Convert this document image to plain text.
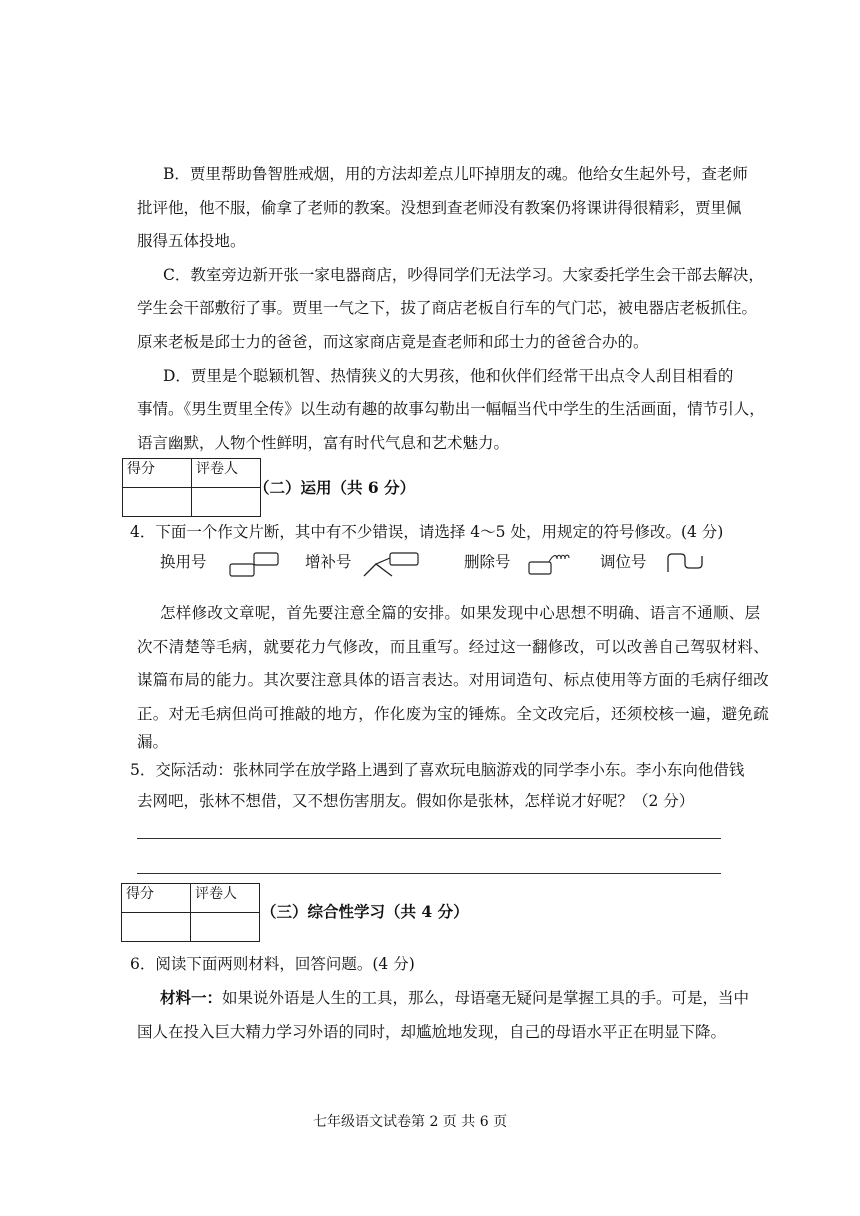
B．贾里帮助鲁智胜戒烟，用的方法却差点儿吓掉朋友的魂。他给女生起外号，查老师
批评他，他不服，偷拿了老师的教案。没想到查老师没有教案仍将课讲得很精彩，贾里佩
服得五体投地。
C．教室旁边新开张一家电器商店，吵得同学们无法学习。大家委托学生会干部去解决，
学生会干部敷衍了事。贾里一气之下，拔了商店老板自行车的气门芯，被电器店老板抓住。
原来老板是邱士力的爸爸，而这家商店竟是查老师和邱士力的爸爸合办的。
D．贾里是个聪颖机智、热情狭义的大男孩，他和伙伴们经常干出点令人刮目相看的
事情。《男生贾里全传》以生动有趣的故事勾勒出一幅幅当代中学生的生活画面，情节引人，
语言幽默，人物个性鲜明，富有时代气息和艺术魅力。
得分	评卷人

（二）运用（共 6 分）
4．下面一个作文片断，其中有不少错误，请选择 4～5 处，用规定的符号修改。(4 分)
换用号	增补号	删除号	调位号
怎样修改文章呢，首先要注意全篇的安排。如果发现中心思想不明确、语言不通顺、层
次不清楚等毛病，就要花力气修改，而且重写。经过这一翻修改，可以改善自己驾驭材料、
谋篇布局的能力。其次要注意具体的语言表达。对用词造句、标点使用等方面的毛病仔细改
正。对无毛病但尚可推敲的地方，作化废为宝的锤炼。全文改完后，还须校核一遍，避免疏
漏。
5．交际活动：张林同学在放学路上遇到了喜欢玩电脑游戏的同学李小东。李小东向他借钱
去网吧，张林不想借，又不想伤害朋友。假如你是张林，怎样说才好呢？（2 分）
得分	评卷人

（三）综合性学习（共 4 分）
6．阅读下面两则材料，回答问题。(4 分)
材料一：如果说外语是人生的工具，那么，母语毫无疑问是掌握工具的手。可是，当中
国人在投入巨大精力学习外语的同时，却尴尬地发现，自己的母语水平正在明显下降。
七年级语文试卷第 2 页 共 6 页
